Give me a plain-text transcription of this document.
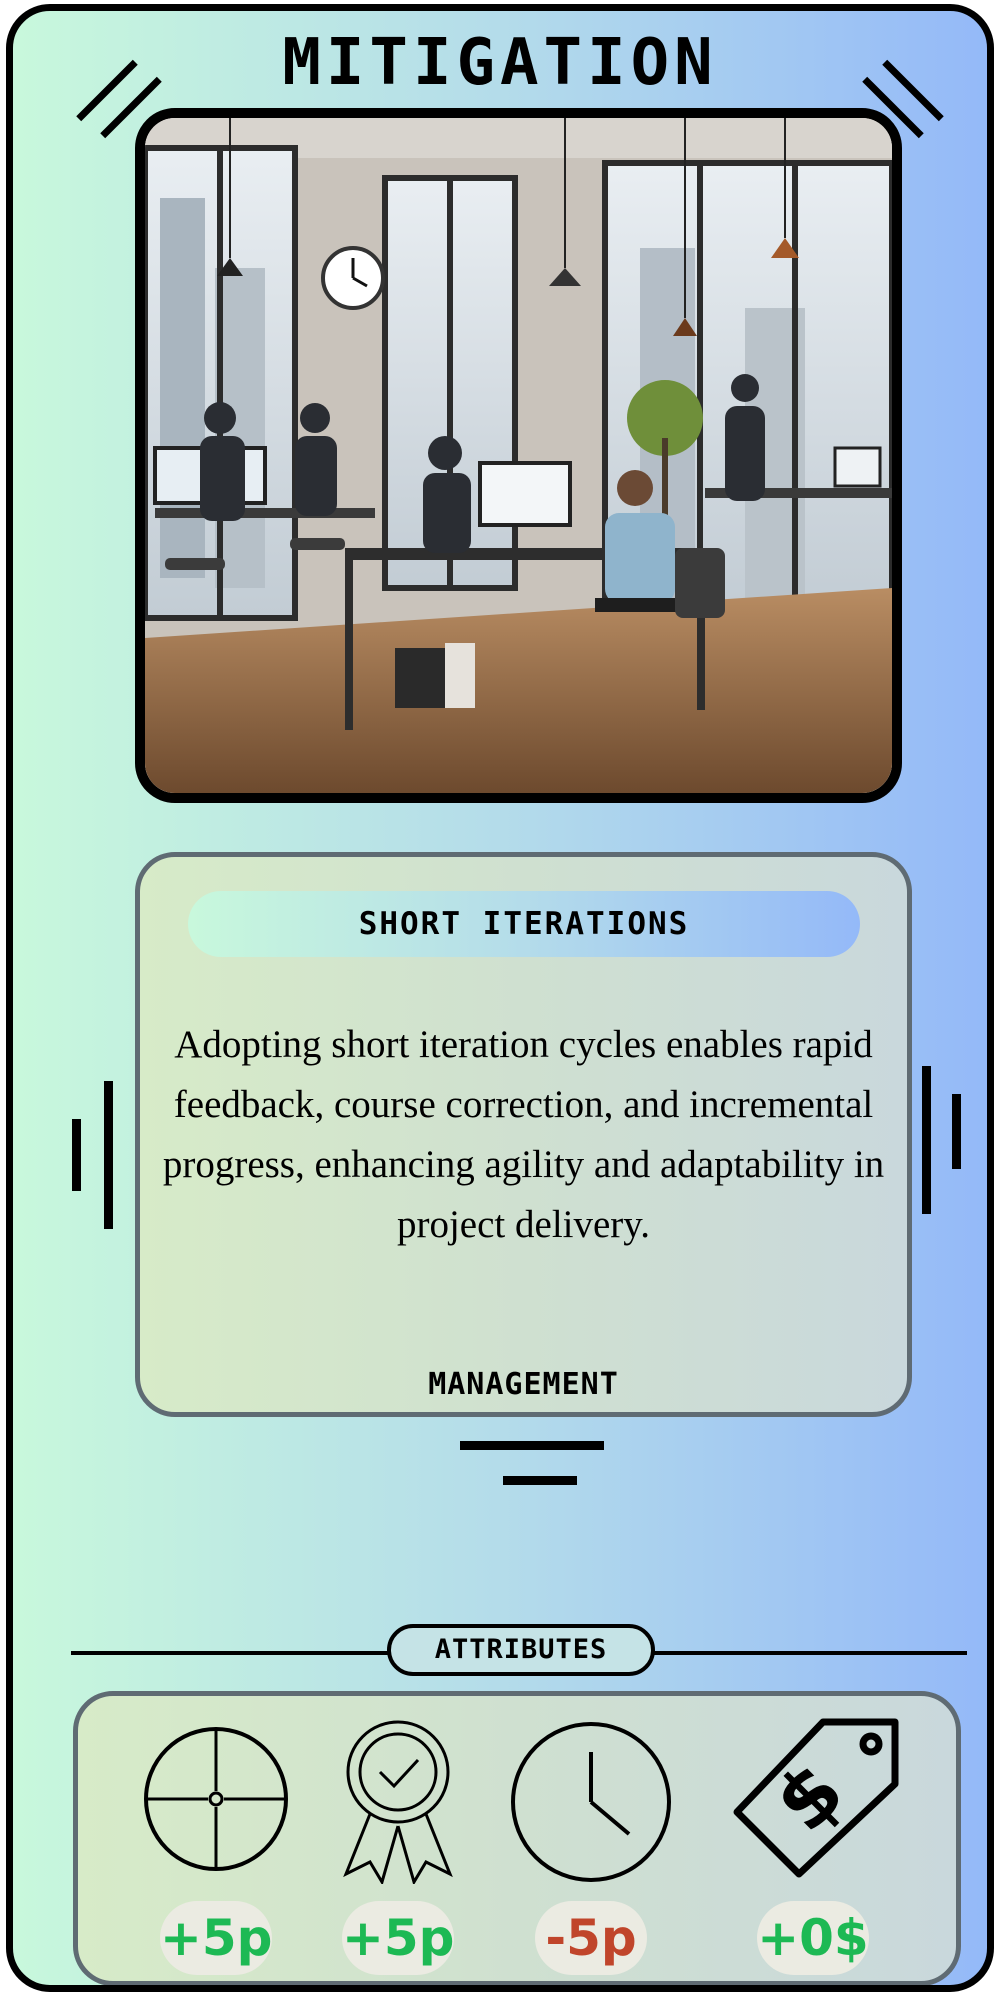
MITIGATION
SHORT ITERATIONS
Adopting short iteration cycles enables rapid feedback, course correction, and incremental progress, enhancing agility and adaptability in project delivery.
MANAGEMENT
ATTRIBUTES
+5p +5p -5p
$
+0$
